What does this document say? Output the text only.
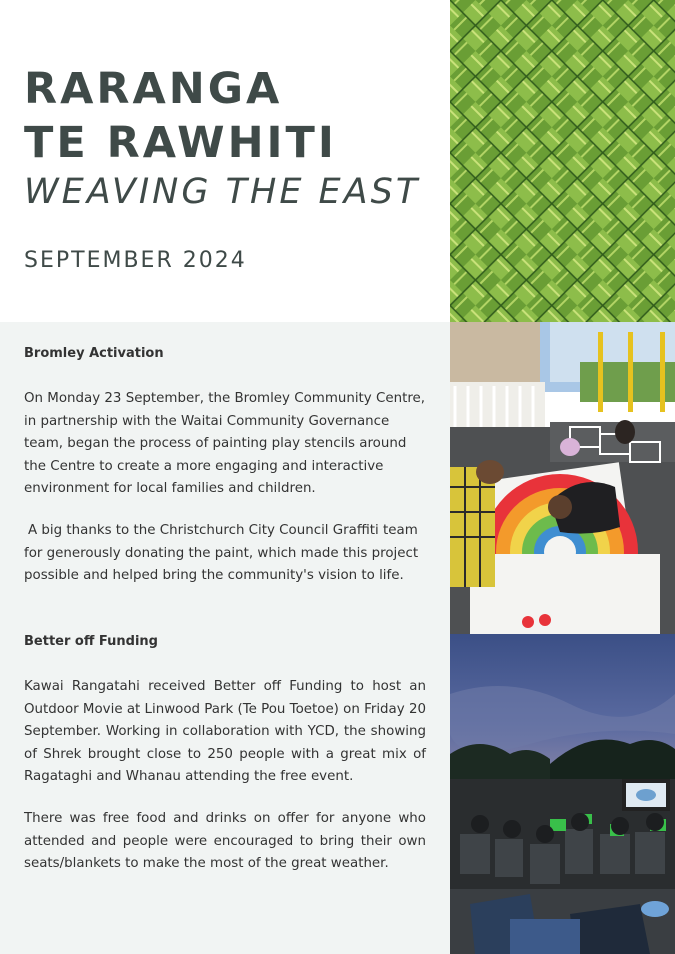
RARANGA TE RAWHITI
WEAVING THE EAST
SEPTEMBER 2024
Bromley Activation

On Monday 23 September, the Bromley Community Centre, in partnership with the Waitai Community Governance team, began the process of painting play stencils around the Centre to create a more engaging and interactive environment for local families and children.

A big thanks to the Christchurch City Council Graffiti team for generously donating the paint, which made this project possible and helped bring the community's vision to life.

Better off Funding

Kawai Rangatahi received Better off Funding to host an Outdoor Movie at Linwood Park (Te Pou Toetoe) on Friday 20 September. Working in collaboration with YCD, the showing of Shrek brought close to 250 people with a great mix of Ragataghi and Whanau attending the free event.

There was free food and drinks on offer for anyone who attended and people were encouraged to bring their own seats/blankets to make the most of the great weather.
